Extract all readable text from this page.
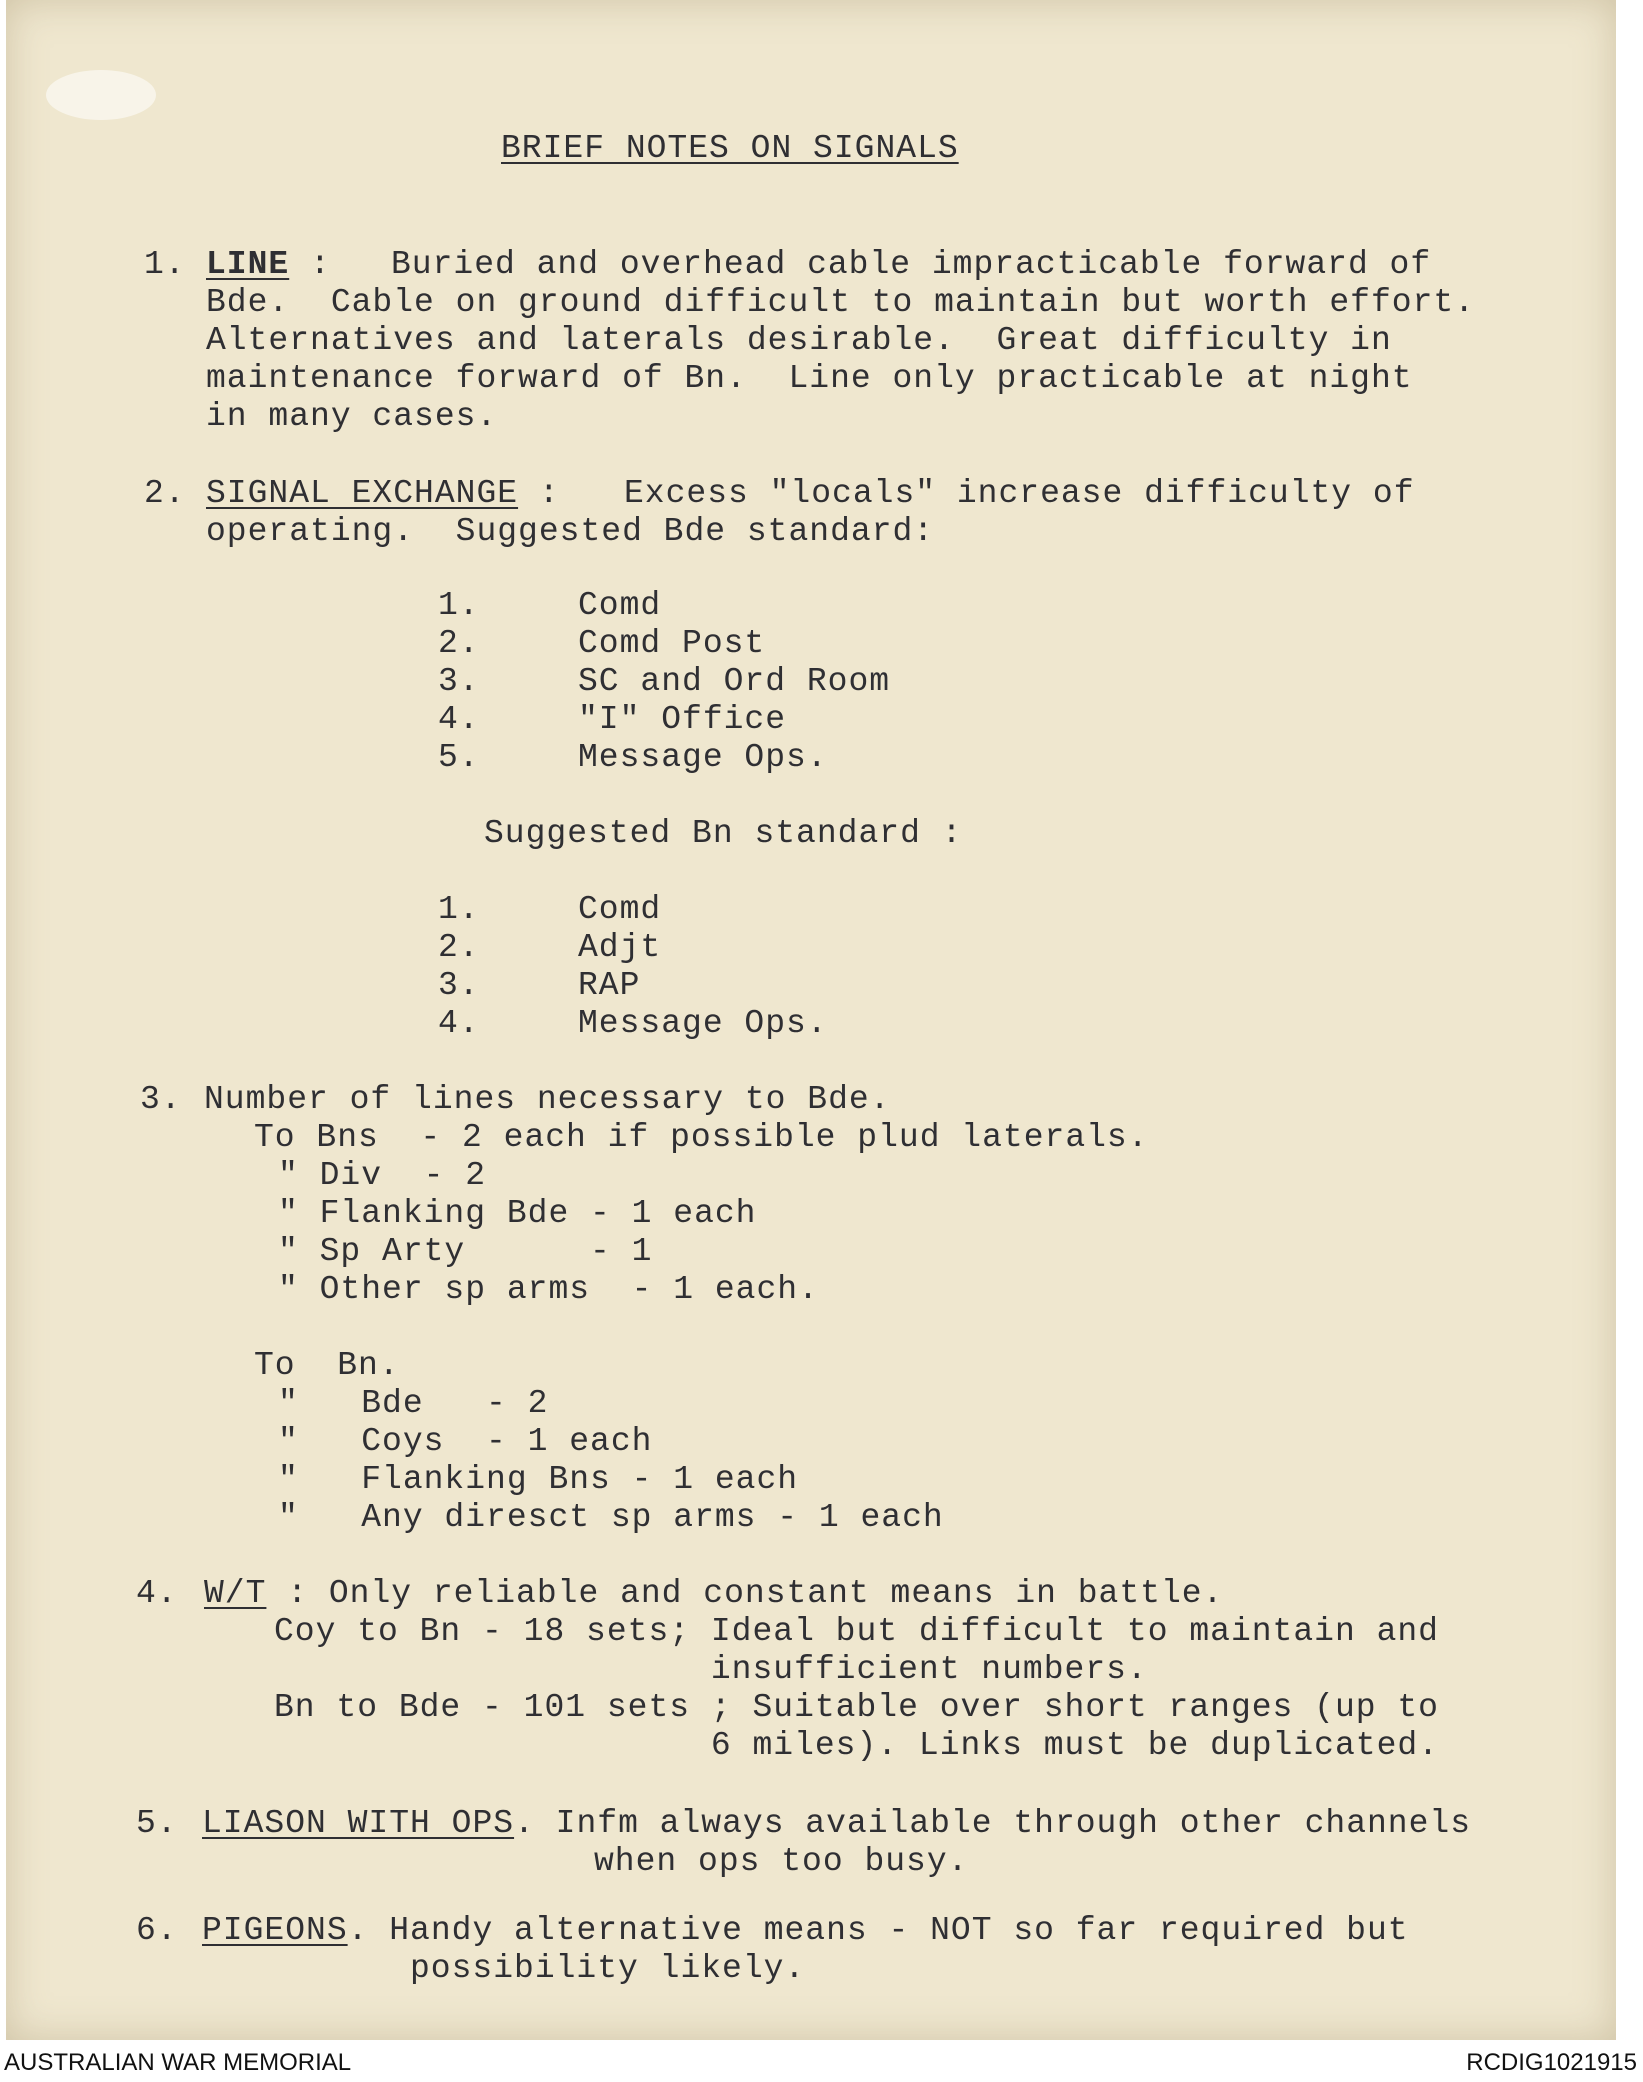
BRIEF NOTES ON SIGNALS
1. LINE : Buried and overhead cable impracticable forward of
Bde.  Cable on ground difficult to maintain but worth effort.
Alternatives and laterals desirable.  Great difficulty in
maintenance forward of Bn.  Line only practicable at night
in many cases.
2. SIGNAL EXCHANGE : Excess "locals" increase difficulty of
operating.  Suggested Bde standard:
1.	Comd
2.	Comd Post
3.	SC and Ord Room
4.	"I" Office
5.	Message Ops.
Suggested Bn standard :
1.	Comd
2.	Adjt
3.	RAP
4.	Message Ops.
3. Number of lines necessary to Bde.
To Bns  - 2 each if possible plud laterals.
" Div  - 2
" Flanking Bde - 1 each
" Sp Arty      - 1
" Other sp arms  - 1 each.
To  Bn.
"   Bde   - 2
"   Coys  - 1 each
"   Flanking Bns - 1 each
"   Any diresct sp arms - 1 each
4. W/T : Only reliable and constant means in battle.
Coy to Bn - 18 sets; Ideal but difficult to maintain and
insufficient numbers.
Bn to Bde - 101 sets ; Suitable over short ranges (up to
6 miles). Links must be duplicated.
5. LIASON WITH OPS. Infm always available through other channels
when ops too busy.
6. PIGEONS. Handy alternative means - NOT so far required but
possibility likely.
AUSTRALIAN WAR MEMORIAL	RCDIG1021915
